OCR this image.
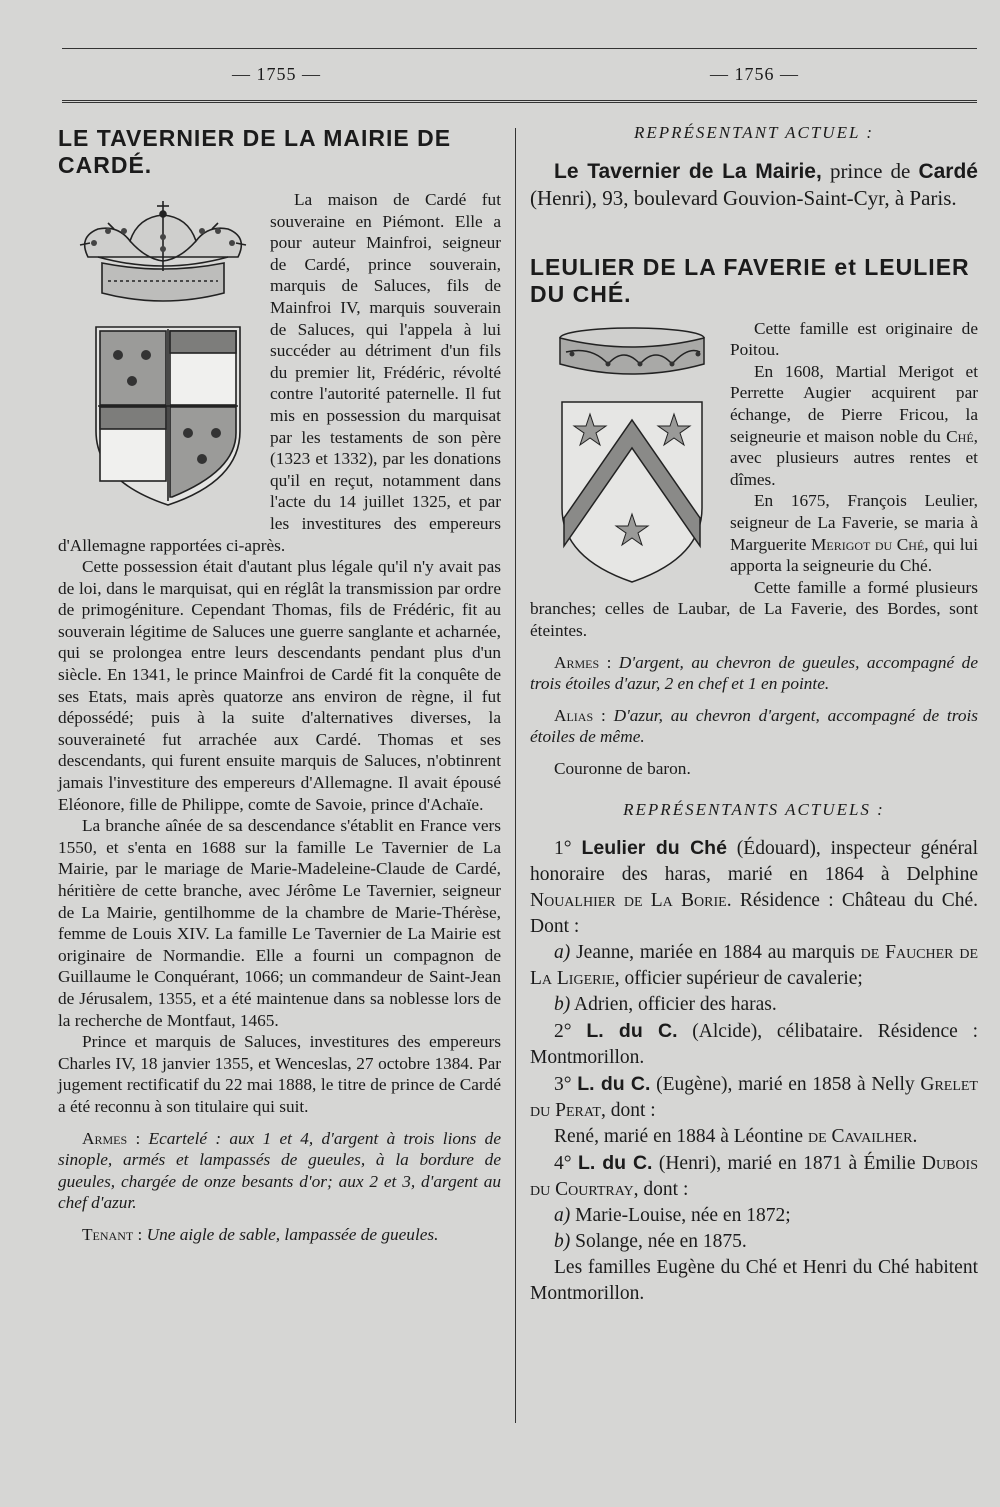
— 1755 —	— 1756 —
LE TAVERNIER DE LA MAIRIE DE CARDÉ.

La maison de Cardé fut souveraine en Piémont. Elle a pour auteur Mainfroi, seigneur de Cardé, prince souverain, marquis de Saluces, fils de Mainfroi IV, marquis souverain de Saluces, qui l'appela à lui succéder au détriment d'un fils du premier lit, Frédéric, révolté contre l'autorité paternelle. Il fut mis en possession du marquisat par les testaments de son père (1323 et 1332), par les donations qu'il en reçut, notamment dans l'acte du 14 juillet 1325, et par les investitures des empereurs d'Allemagne rapportées ci-après.

Cette possession était d'autant plus légale qu'il n'y avait pas de loi, dans le marquisat, qui en réglât la transmission par ordre de primogéniture. Cependant Thomas, fils de Frédéric, fit au souverain légitime de Saluces une guerre sanglante et acharnée, qui se prolongea entre leurs descendants pendant plus d'un siècle. En 1341, le prince Mainfroi de Cardé fit la conquête de ses Etats, mais après quatorze ans environ de règne, il fut dépossédé; puis à la suite d'alternatives diverses, la souveraineté fut arrachée aux Cardé. Thomas et ses descendants, qui furent ensuite marquis de Saluces, n'obtinrent jamais l'investiture des empereurs d'Allemagne. Il avait épousé Eléonore, fille de Philippe, comte de Savoie, prince d'Achaïe.

La branche aînée de sa descendance s'établit en France vers 1550, et s'enta en 1688 sur la famille Le Tavernier de La Mairie, par le mariage de Marie-Madeleine-Claude de Cardé, héritière de cette branche, avec Jérôme Le Tavernier, seigneur de La Mairie, gentilhomme de la chambre de Marie-Thérèse, femme de Louis XIV. La famille Le Tavernier de La Mairie est originaire de Normandie. Elle a fourni un compagnon de Guillaume le Conquérant, 1066; un commandeur de Saint-Jean de Jérusalem, 1355, et a été maintenue dans sa noblesse lors de la recherche de Montfaut, 1465.

Prince et marquis de Saluces, investitures des empereurs Charles IV, 18 janvier 1355, et Wenceslas, 27 octobre 1384. Par jugement rectificatif du 22 mai 1888, le titre de prince de Cardé a été reconnu à son titulaire qui suit.

Armes : Ecartelé : aux 1 et 4, d'argent à trois lions de sinople, armés et lampassés de gueules, à la bordure de gueules, chargée de onze besants d'or; aux 2 et 3, d'argent au chef d'azur.

Tenant : Une aigle de sable, lampassée de gueules.

REPRÉSENTANT ACTUEL :

Le Tavernier de La Mairie, prince de Cardé (Henri), 93, boulevard Gouvion-Saint-Cyr, à Paris.

LEULIER DE LA FAVERIE et LEULIER DU CHÉ.

Cette famille est originaire de Poitou.

En 1608, Martial Merigot et Perrette Augier acquirent par échange, de Pierre Fricou, la seigneurie et maison noble du Ché, avec plusieurs autres rentes et dîmes.

En 1675, François Leulier, seigneur de La Faverie, se maria à Marguerite Merigot du Ché, qui lui apporta la seigneurie du Ché.

Cette famille a formé plusieurs branches; celles de Laubar, de La Faverie, des Bordes, sont éteintes.

Armes : D'argent, au chevron de gueules, accompagné de trois étoiles d'azur, 2 en chef et 1 en pointe.

Alias : D'azur, au chevron d'argent, accompagné de trois étoiles de même.

Couronne de baron.

REPRÉSENTANTS ACTUELS :

1° Leulier du Ché (Édouard), inspecteur général honoraire des haras, marié en 1864 à Delphine Noualhier de La Borie. Résidence : Château du Ché. Dont :

a) Jeanne, mariée en 1884 au marquis de Faucher de La Ligerie, officier supérieur de cavalerie;

b) Adrien, officier des haras.

2° L. du C. (Alcide), célibataire. Résidence : Montmorillon.

3° L. du C. (Eugène), marié en 1858 à Nelly Grelet du Perat, dont :

René, marié en 1884 à Léontine de Cavailher.

4° L. du C. (Henri), marié en 1871 à Émilie Dubois du Courtray, dont :

a) Marie-Louise, née en 1872;

b) Solange, née en 1875.

Les familles Eugène du Ché et Henri du Ché habitent Montmorillon.
